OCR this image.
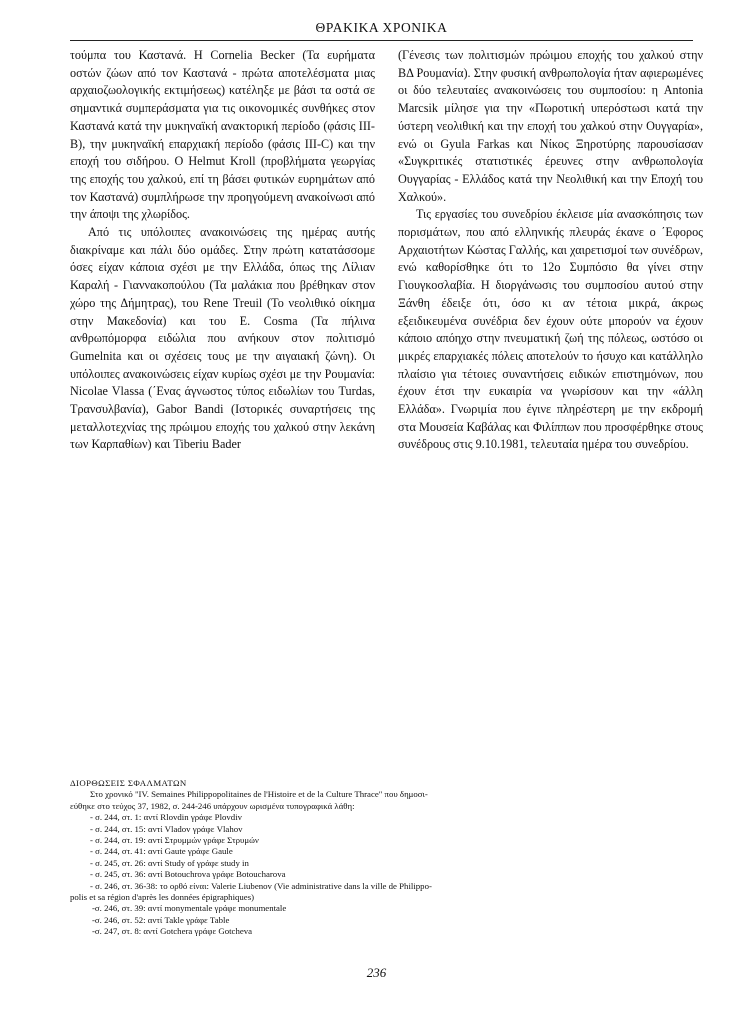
ΘΡΑΚΙΚΑ ΧΡΟΝΙΚΑ

τούμπα του Καστανά. Η Cornelia Becker (Τα ευρήματα οστών ζώων από τον Καστανά - πρώτα αποτελέσματα μιας αρχαιοζωολογικής εκτιμήσεως) κατέληξε με βάσι τα οστά σε σημαντικά συμπεράσματα για τις οικονομικές συνθήκες στον Καστανά κατά την μυκηναϊκή ανακτορική περίοδο (φάσις III-B), την μυκηναϊκή επαρχιακή περίοδο (φάσις III-C) και την εποχή του σιδήρου. Ο Helmut Kroll (προβλήματα γεωργίας της εποχής του χαλκού, επί τη βάσει φυτικών ευρημάτων από τον Καστανά) συμπλήρωσε την προηγούμενη ανακοίνωσι από την άποψι της χλωρίδος.

Από τις υπόλοιπες ανακοινώσεις της ημέρας αυτής διακρίναμε και πάλι δύο ομάδες. Στην πρώτη κατατάσσομε όσες είχαν κάποια σχέσι με την Ελλάδα, όπως της Λίλιαν Καραλή - Γιαννακοπούλου (Τα μαλάκια που βρέθηκαν στον χώρο της Δήμητρας), του Rene Treuil (Το νεολιθικό οίκημα στην Μακεδονία) και του E. Cosma (Τα πήλινα ανθρωπόμορφα ειδώλια που ανήκουν στον πολιτισμό Gumelnita και οι σχέσεις τους με την αιγαιακή ζώνη). Οι υπόλοιπες ανακοινώσεις είχαν κυρίως σχέσι με την Ρουμανία: Nicolae Vlassa (΄Ενας άγνωστος τύπος ειδωλίων του Turdas, Τρανσυλβανία), Gabor Bandi (Ιστορικές συναρτήσεις της μεταλλοτεχνίας της πρώιμου εποχής του χαλκού στην λεκάνη των Καρπαθίων) και Tiberiu Bader

(Γένεσις των πολιτισμών πρώιμου εποχής του χαλκού στην ΒΔ Ρουμανία). Στην φυσική ανθρωπολογία ήταν αφιερωμένες οι δύο τελευταίες ανακοινώσεις του συμποσίου: η Antonia Marcsik μίλησε για την «Πωροτική υπερόστωσι κατά την ύστερη νεολιθική και την εποχή του χαλκού στην Ουγγαρία», ενώ οι Gyula Farkas και Νίκος Ξηροτύρης παρουσίασαν «Συγκριτικές στατιστικές έρευνες στην ανθρωπολογία Ουγγαρίας - Ελλάδος κατά την Νεολιθική και την Εποχή του Χαλκού».

Τις εργασίες του συνεδρίου έκλεισε μία ανασκόπησις των πορισμάτων, που από ελληνικής πλευράς έκανε ο ΄Εφορος Αρχαιοτήτων Κώστας Γαλλής, και χαιρετισμοί των συνέδρων, ενώ καθορίσθηκε ότι το 12ο Συμπόσιο θα γίνει στην Γιουγκοσλαβία. Η διοργάνωσις του συμποσίου αυτού στην Ξάνθη έδειξε ότι, όσο κι αν τέτοια μικρά, άκρως εξειδικευμένα συνέδρια δεν έχουν ούτε μπορούν να έχουν κάποιο απόηχο στην πνευματική ζωή της πόλεως, ωστόσο οι μικρές επαρχιακές πόλεις αποτελούν το ήσυχο και κατάλληλο πλαίσιο για τέτοιες συναντήσεις ειδικών επιστημόνων, που έχουν έτσι την ευκαιρία να γνωρίσουν και την «άλλη Ελλάδα». Γνωριμία που έγινε πληρέστερη με την εκδρομή στα Μουσεία Καβάλας και Φιλίππων που προσφέρθηκε στους συνέδρους στις 9.10.1981, τελευταία ημέρα του συνεδρίου.

ΔΙΟΡΘΩΣΕΙΣ ΣΦΑΛΜΑΤΩΝ
Στο χρονικό "IV. Semaines Philippopolitaines de l'Histoire et de la Culture Thrace" που δημοσι-
εύθηκε στο τεύχος 37, 1982, σ. 244-246 υπάρχουν ωρισμένα τυπογραφικά λάθη:
- σ. 244, στ. 1: αντί Rlovdin γράφε Plovdiv
- σ. 244, στ. 15: αντί Vladov γράφε Vlahov
- σ. 244, στ. 19: αντί Στρυμμών γράφε Στρυμών
- σ. 244, στ. 41: αντί Gaute γράφε Gaule
- σ. 245, στ. 26: αντί Study of γράφε study in
- σ. 245, στ. 36: αντί Botouchrova γράφε Botoucharova
- σ. 246, στ. 36-38: το ορθό είναι: Valerie Liubenov (Vie administrative dans la ville de Philippo-
polis et sa région d'après les données épigraphiques)
-σ. 246, στ. 39: αντί monymentale γράφε monumentale
-σ. 246, στ. 52: αντί Takle γράφε Table
-σ. 247, στ. 8: αντί Gotchera γράφε Gotcheva
236
